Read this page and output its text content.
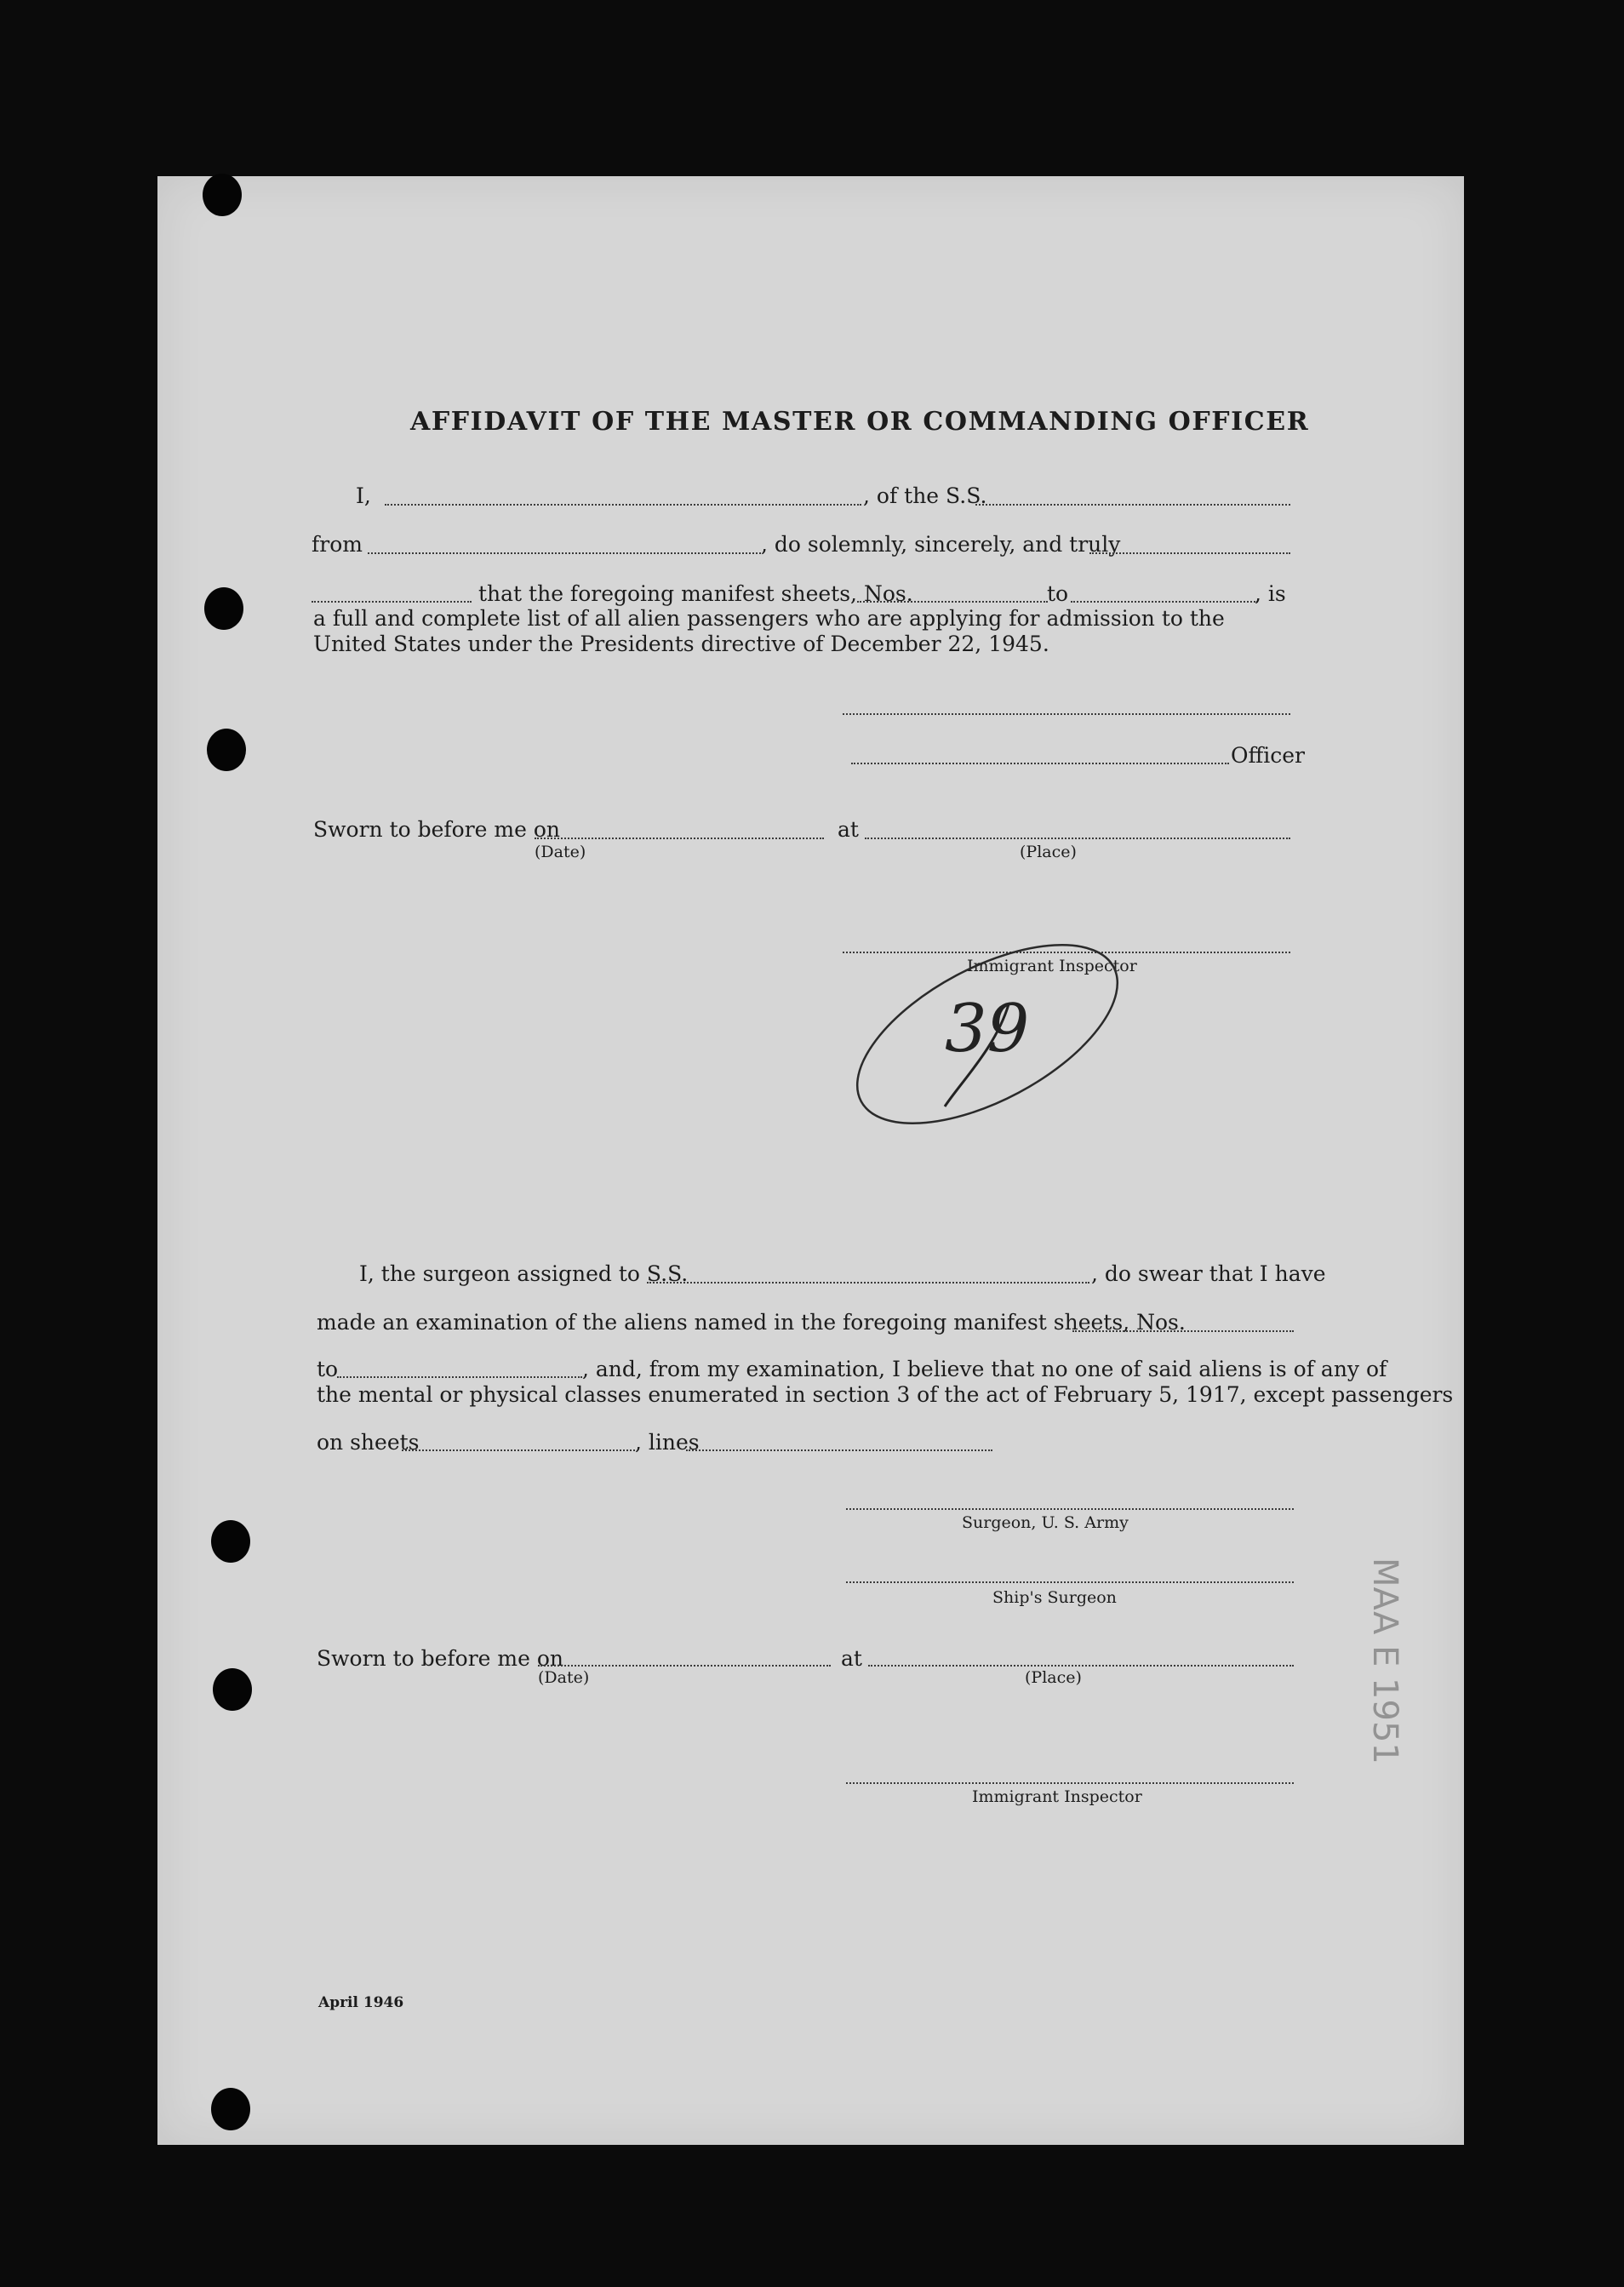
AFFIDAVIT OF THE MASTER OR COMMANDING OFFICER
I,	, of the S.S.
from	, do solemnly, sincerely, and truly
that the foregoing manifest sheets, Nos.	to	, is
a full and complete list of all alien passengers who are applying for admission to the United States under the Presidents directive of December 22, 1945.
Officer
Sworn to before me on	at
(Date)	(Place)
Immigrant Inspector
39
I, the surgeon assigned to S.S.	, do swear that I have
made an examination of the aliens named in the foregoing manifest sheets, Nos.
to	, and, from my examination, I believe that no one of said aliens is of any of
the mental or physical classes enumerated in section 3 of the act of February 5, 1917, except passengers
on sheets	, lines
Surgeon, U. S. Army
Ship's Surgeon
Sworn to before me on	at
(Date)	(Place)
Immigrant Inspector
April 1946
MAA E 1951
